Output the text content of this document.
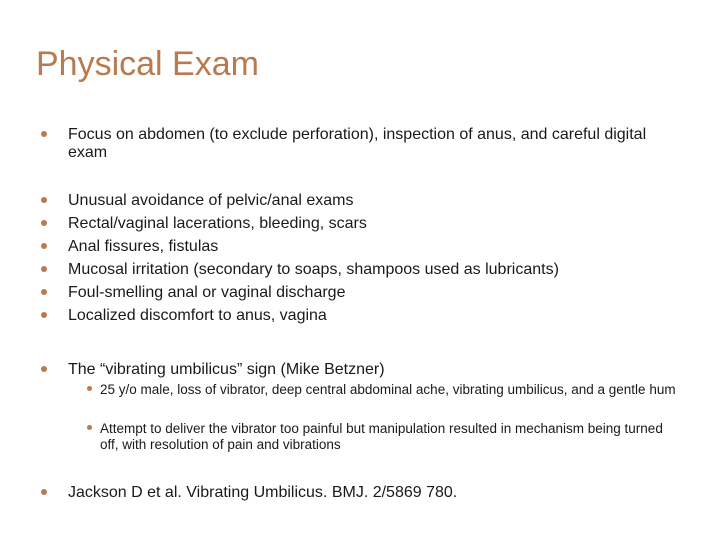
Physical Exam
Focus on abdomen (to exclude perforation), inspection of anus, and careful digital exam
Unusual avoidance of pelvic/anal exams
Rectal/vaginal lacerations, bleeding, scars
Anal fissures, fistulas
Mucosal irritation (secondary to soaps, shampoos used as lubricants)
Foul-smelling anal or vaginal discharge
Localized discomfort to anus, vagina
The “vibrating umbilicus” sign (Mike Betzner)
25 y/o male, loss of vibrator, deep central abdominal ache, vibrating umbilicus, and a gentle hum
Attempt to deliver the vibrator too painful but manipulation resulted in mechanism being turned off, with resolution of pain and vibrations
Jackson D et al. Vibrating Umbilicus. BMJ. 2/5869 780.
